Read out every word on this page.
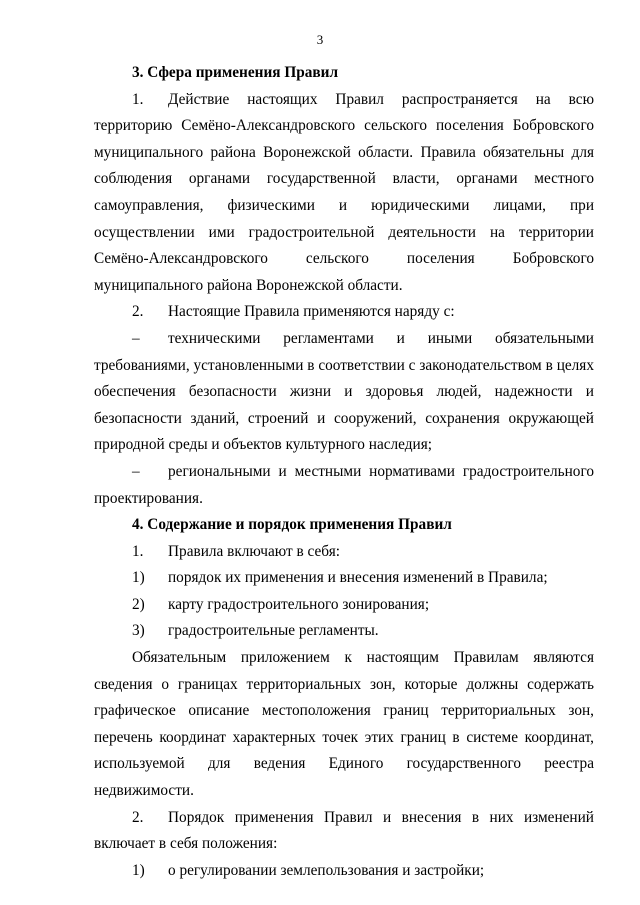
3

3. Сфера применения Правил

1. Действие настоящих Правил распространяется на всю
территорию Семёно-Александровского сельского поселения Бобровского муниципального района Воронежской области. Правила обязательны для соблюдения органами государственной власти, органами местного самоуправления, физическими и юридическими лицами, при осуществлении ими градостроительной деятельности на территории Семёно-Александровского сельского поселения Бобровского муниципального района Воронежской области.

2. Настоящие Правила применяются наряду с:

– техническими регламентами и иными обязательными
требованиями, установленными в соответствии с законодательством в целях обеспечения безопасности жизни и здоровья людей, надежности и безопасности зданий, строений и сооружений, сохранения окружающей природной среды и объектов культурного наследия;

– региональными и местными нормативами градостроительного
проектирования.

4. Содержание и порядок применения Правил

1. Правила включают в себя:

1) порядок их применения и внесения изменений в Правила;

2) карту градостроительного зонирования;

3) градостроительные регламенты.

Обязательным приложением к настоящим Правилам являются сведения о границах территориальных зон, которые должны содержать графическое описание местоположения границ территориальных зон, перечень координат характерных точек этих границ в системе координат, используемой для ведения Единого государственного реестра недвижимости.

2. Порядок применения Правил и внесения в них изменений
включает в себя положения:

1) о регулировании землепользования и застройки;
